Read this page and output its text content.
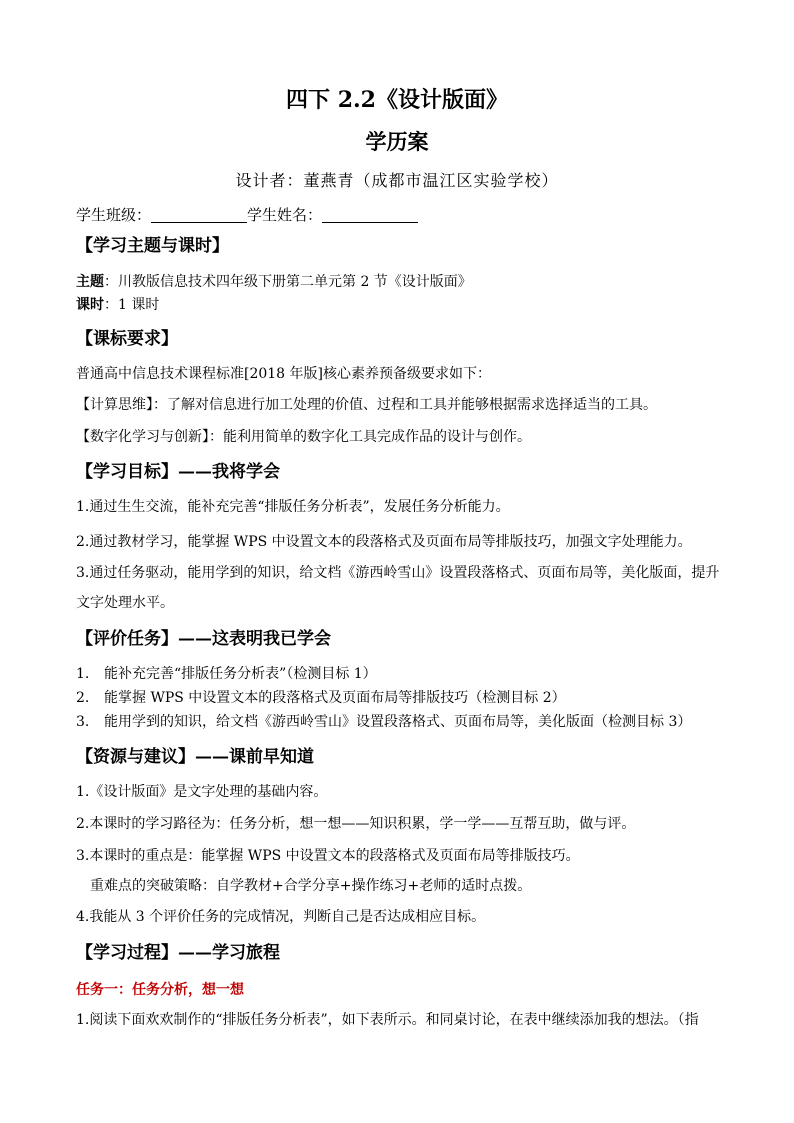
四下 2.2《设计版面》
学历案
设计者：董燕青（成都市温江区实验学校）
学生班级：	学生姓名：
【学习主题与课时】
主题：川教版信息技术四年级下册第二单元第 2 节《设计版面》
课时：1 课时
【课标要求】
普通高中信息技术课程标准[2018 年版]核心素养预备级要求如下：
【计算思维】：了解对信息进行加工处理的价值、过程和工具并能够根据需求选择适当的工具。
【数字化学习与创新】：能利用简单的数字化工具完成作品的设计与创作。
【学习目标】——我将学会
1.通过生生交流，能补充完善“排版任务分析表”，发展任务分析能力。
2.通过教材学习，能掌握 WPS 中设置文本的段落格式及页面布局等排版技巧，加强文字处理能力。
3.通过任务驱动，能用学到的知识，给文档《游西岭雪山》设置段落格式、页面布局等，美化版面，提升
文字处理水平。
【评价任务】——这表明我已学会
1. 能补充完善“排版任务分析表”（检测目标 1）
2. 能掌握 WPS 中设置文本的段落格式及页面布局等排版技巧（检测目标 2）
3. 能用学到的知识，给文档《游西岭雪山》设置段落格式、页面布局等，美化版面（检测目标 3）
【资源与建议】——课前早知道
1.《设计版面》是文字处理的基础内容。
2.本课时的学习路径为：任务分析，想一想——知识积累，学一学——互帮互助，做与评。
3.本课时的重点是：能掌握 WPS 中设置文本的段落格式及页面布局等排版技巧。
重难点的突破策略：自学教材+合学分享+操作练习+老师的适时点拨。
4.我能从 3 个评价任务的完成情况，判断自己是否达成相应目标。
【学习过程】——学习旅程
任务一：任务分析，想一想
1.阅读下面欢欢制作的“排版任务分析表”，如下表所示。和同桌讨论，在表中继续添加我的想法。（指
